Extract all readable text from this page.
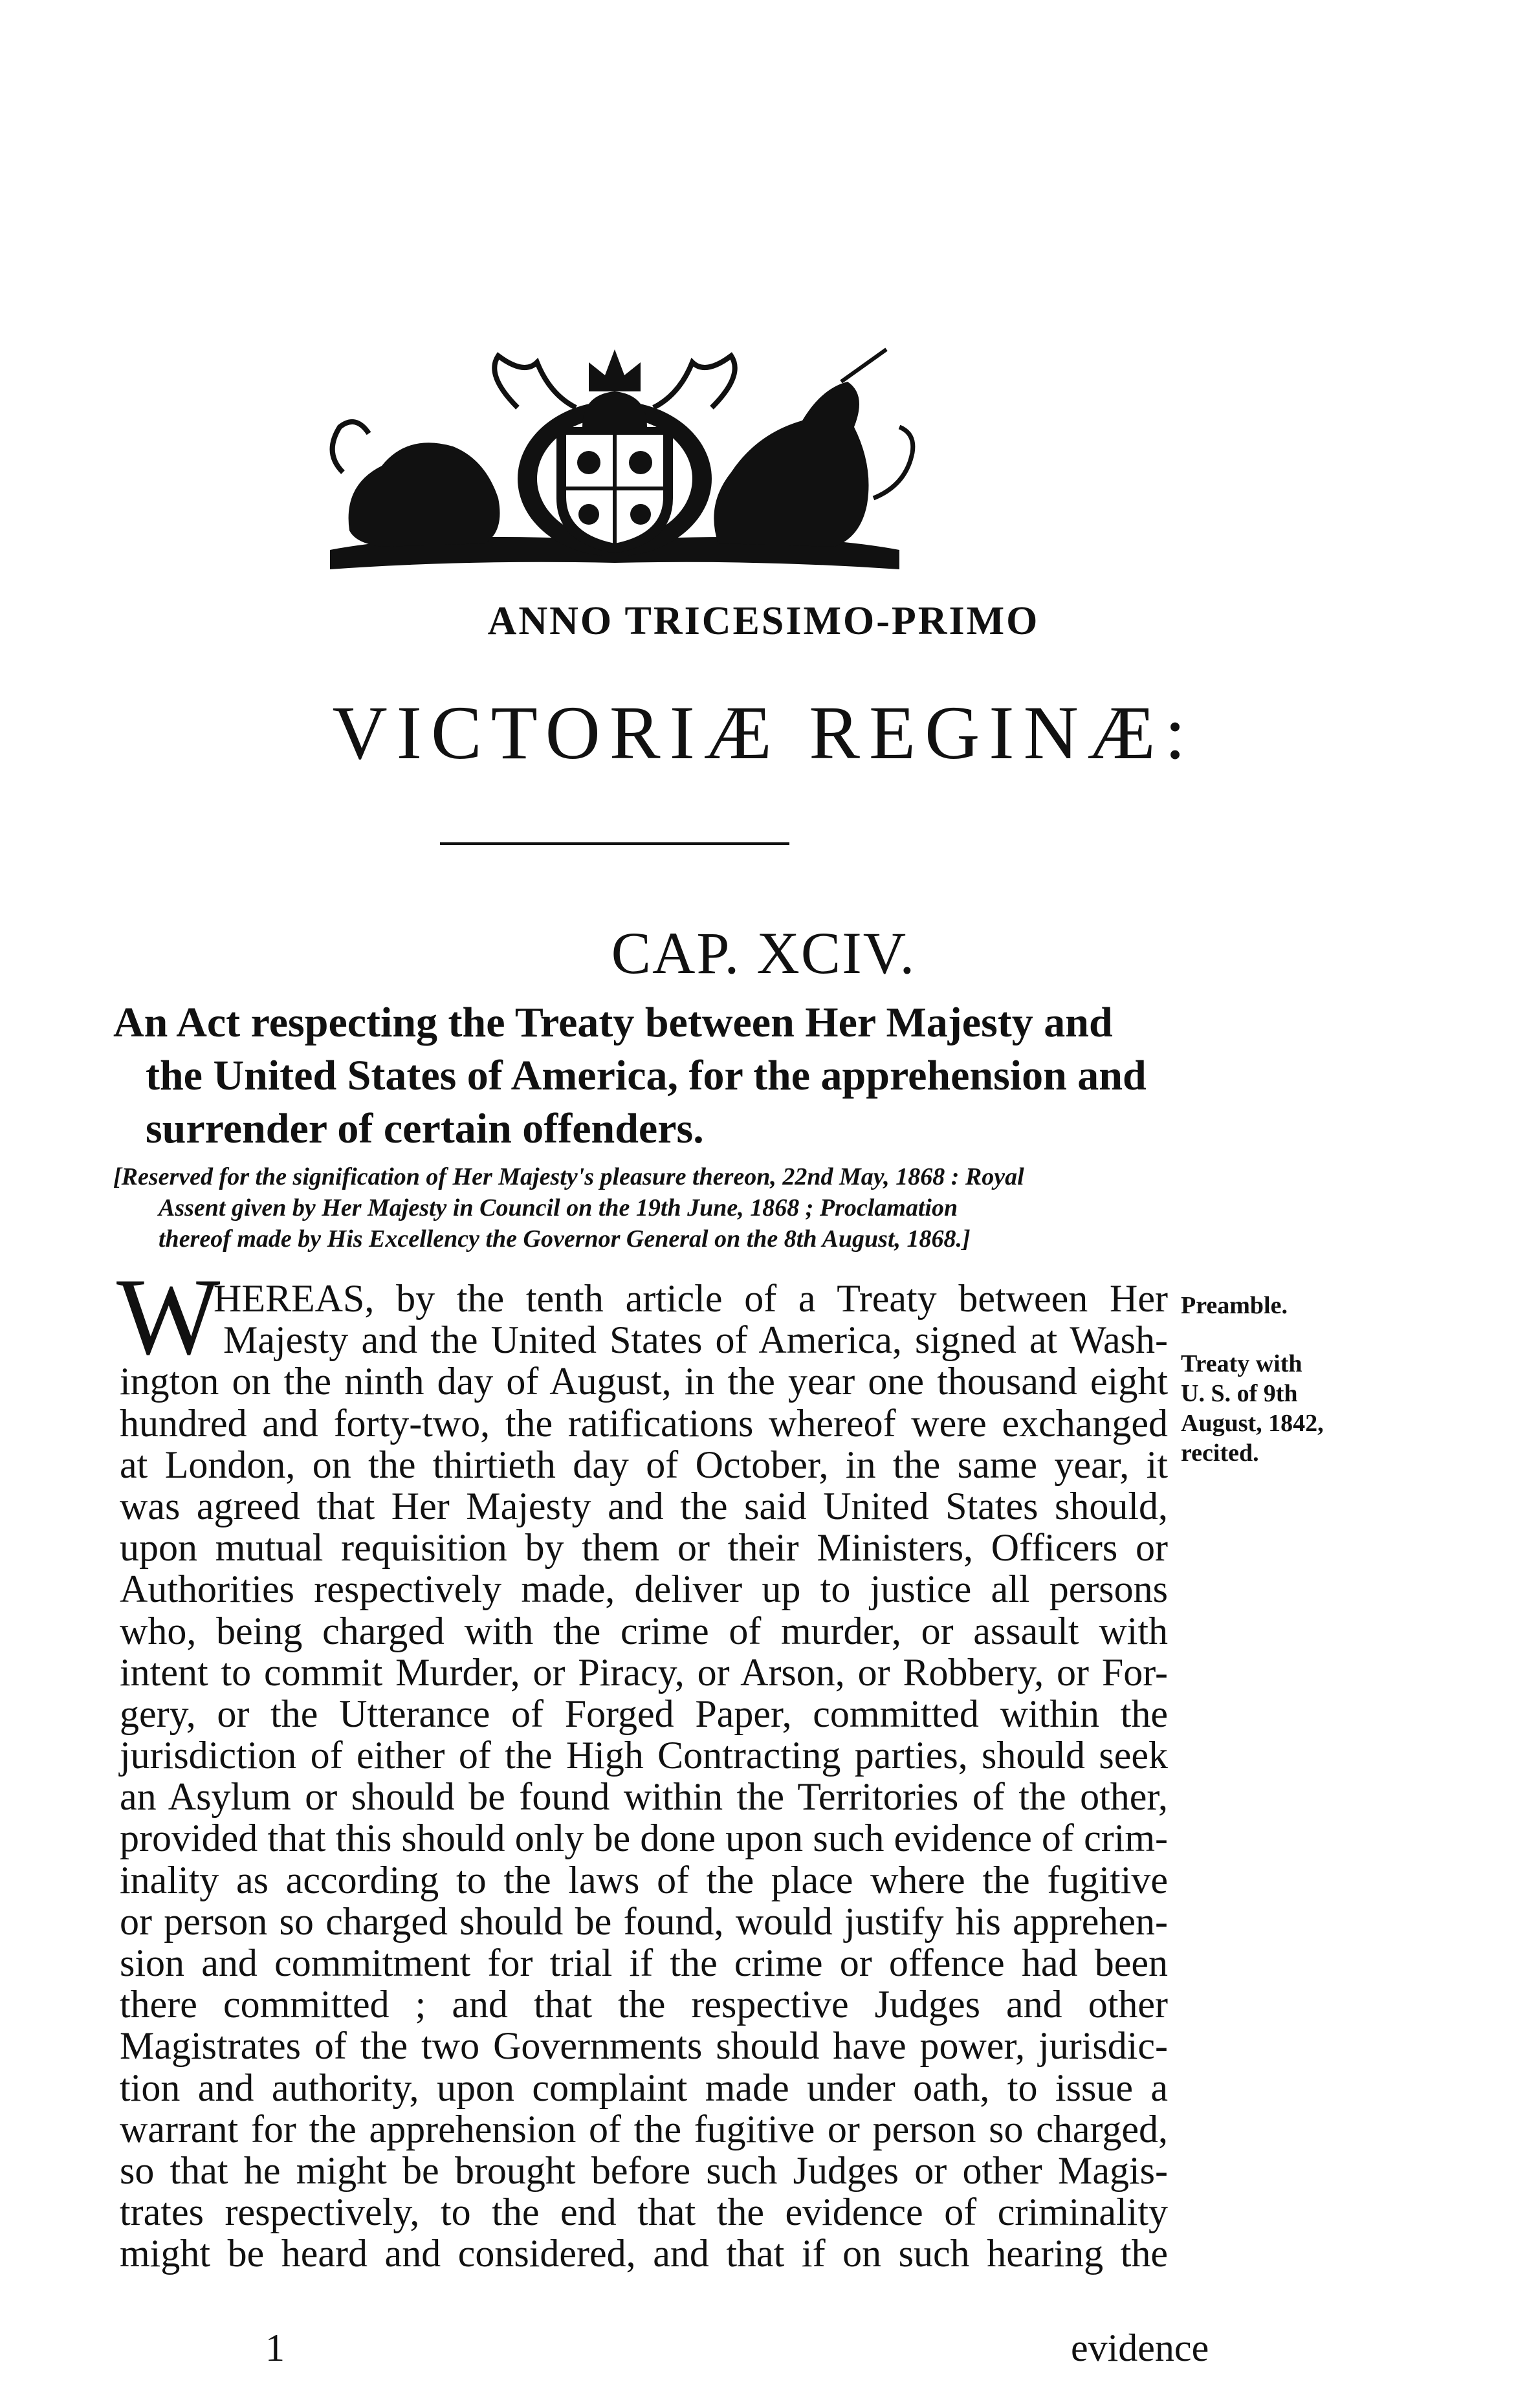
ANNO TRICESIMO-PRIMO
VICTORIÆ REGINÆ:
CAP. XCIV.
An Act respecting the Treaty between Her Majesty and
the United States of America, for the apprehension and
surrender of certain offenders.
[Reserved for the signification of Her Majesty's pleasure thereon, 22nd May, 1868 : Royal
Assent given by Her Majesty in Council on the 19th June, 1868 ; Proclamation
thereof made by His Excellency the Governor General on the 8th August, 1868.]
W
HEREAS, by the tenth article of a Treaty between Her
Majesty and the United States of America, signed at Wash-
ington on the ninth day of August, in the year one thousand eight
hundred and forty-two, the ratifications whereof were exchanged
at London, on the thirtieth day of October, in the same year, it
was agreed that Her Majesty and the said United States should,
upon mutual requisition by them or their Ministers, Officers or
Authorities respectively made, deliver up to justice all persons
who, being charged with the crime of murder, or assault with
intent to commit Murder, or Piracy, or Arson, or Robbery, or For-
gery, or the Utterance of Forged Paper, committed within the
jurisdiction of either of the High Contracting parties, should seek
an Asylum or should be found within the Territories of the other,
provided that this should only be done upon such evidence of crim-
inality as according to the laws of the place where the fugitive
or person so charged should be found, would justify his apprehen-
sion and commitment for trial if the crime or offence had been
there committed ; and that the respective Judges and other
Magistrates of the two Governments should have power, jurisdic-
tion and authority, upon complaint made under oath, to issue a
warrant for the apprehension of the fugitive or person so charged,
so that he might be brought before such Judges or other Magis-
trates respectively, to the end that the evidence of criminality
might be heard and considered, and that if on such hearing the
Preamble.
Treaty with
U. S. of 9th
August, 1842,
recited.
1	evidence
